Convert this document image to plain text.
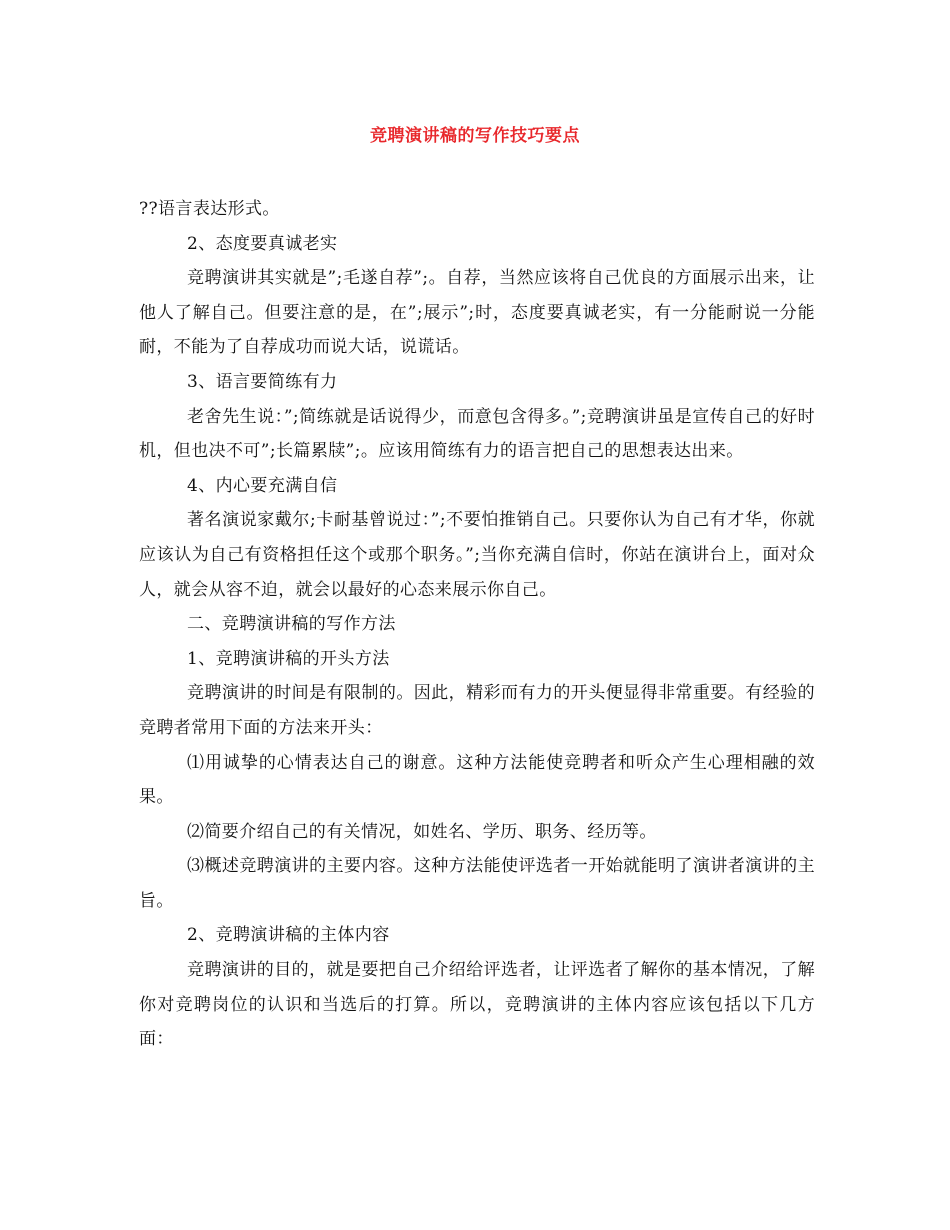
竞聘演讲稿的写作技巧要点

??语言表达形式。

2、态度要真诚老实

竞聘演讲其实就是”;毛遂自荐”;。自荐，当然应该将自己优良的方面展示出来，让他人了解自己。但要注意的是，在”;展示”;时，态度要真诚老实，有一分能耐说一分能耐，不能为了自荐成功而说大话，说谎话。

3、语言要简练有力

老舍先生说：”;简练就是话说得少，而意包含得多。”;竞聘演讲虽是宣传自己的好时机，但也决不可”;长篇累牍”;。应该用简练有力的语言把自己的思想表达出来。

4、内心要充满自信

著名演说家戴尔;卡耐基曾说过：”;不要怕推销自己。只要你认为自己有才华，你就应该认为自己有资格担任这个或那个职务。”;当你充满自信时，你站在演讲台上，面对众人，就会从容不迫，就会以最好的心态来展示你自己。

二、竞聘演讲稿的写作方法

1、竞聘演讲稿的开头方法

竞聘演讲的时间是有限制的。因此，精彩而有力的开头便显得非常重要。有经验的竞聘者常用下面的方法来开头：

⑴用诚挚的心情表达自己的谢意。这种方法能使竞聘者和听众产生心理相融的效果。

⑵简要介绍自己的有关情况，如姓名、学历、职务、经历等。

⑶概述竞聘演讲的主要内容。这种方法能使评选者一开始就能明了演讲者演讲的主旨。

2、竞聘演讲稿的主体内容

竞聘演讲的目的，就是要把自己介绍给评选者，让评选者了解你的基本情况，了解你对竞聘岗位的认识和当选后的打算。所以，竞聘演讲的主体内容应该包括以下几方面：
